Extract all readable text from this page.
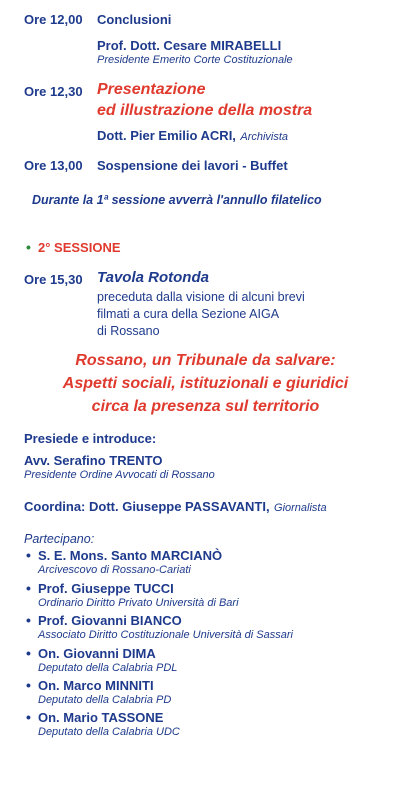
Ore 12,00 Conclusioni
Prof. Dott. Cesare MIRABELLI
Presidente Emerito Corte Costituzionale
Ore 12,30 Presentazione
ed illustrazione della mostra
Dott. Pier Emilio ACRI, Archivista
Ore 13,00 Sospensione dei lavori - Buffet
Durante la 1ª sessione avverrà l'annullo filatelico
• 2° SESSIONE
Ore 15,30 Tavola Rotonda
preceduta dalla visione di alcuni brevi
filmati a cura della Sezione AIGA
di Rossano
Rossano, un Tribunale da salvare:
Aspetti sociali, istituzionali e giuridici
circa la presenza sul territorio
Presiede e introduce:
Avv. Serafino TRENTO
Presidente Ordine Avvocati di Rossano
Coordina: Dott. Giuseppe PASSAVANTI, Giornalista
Partecipano:
• S. E. Mons. Santo MARCIANÒ
Arcivescovo di Rossano-Cariati
• Prof. Giuseppe TUCCI
Ordinario Diritto Privato Università di Bari
• Prof. Giovanni BIANCO
Associato Diritto Costituzionale Università di Sassari
• On. Giovanni DIMA
Deputato della Calabria PDL
• On. Marco MINNITI
Deputato della Calabria PD
• On. Mario TASSONE
Deputato della Calabria UDC
